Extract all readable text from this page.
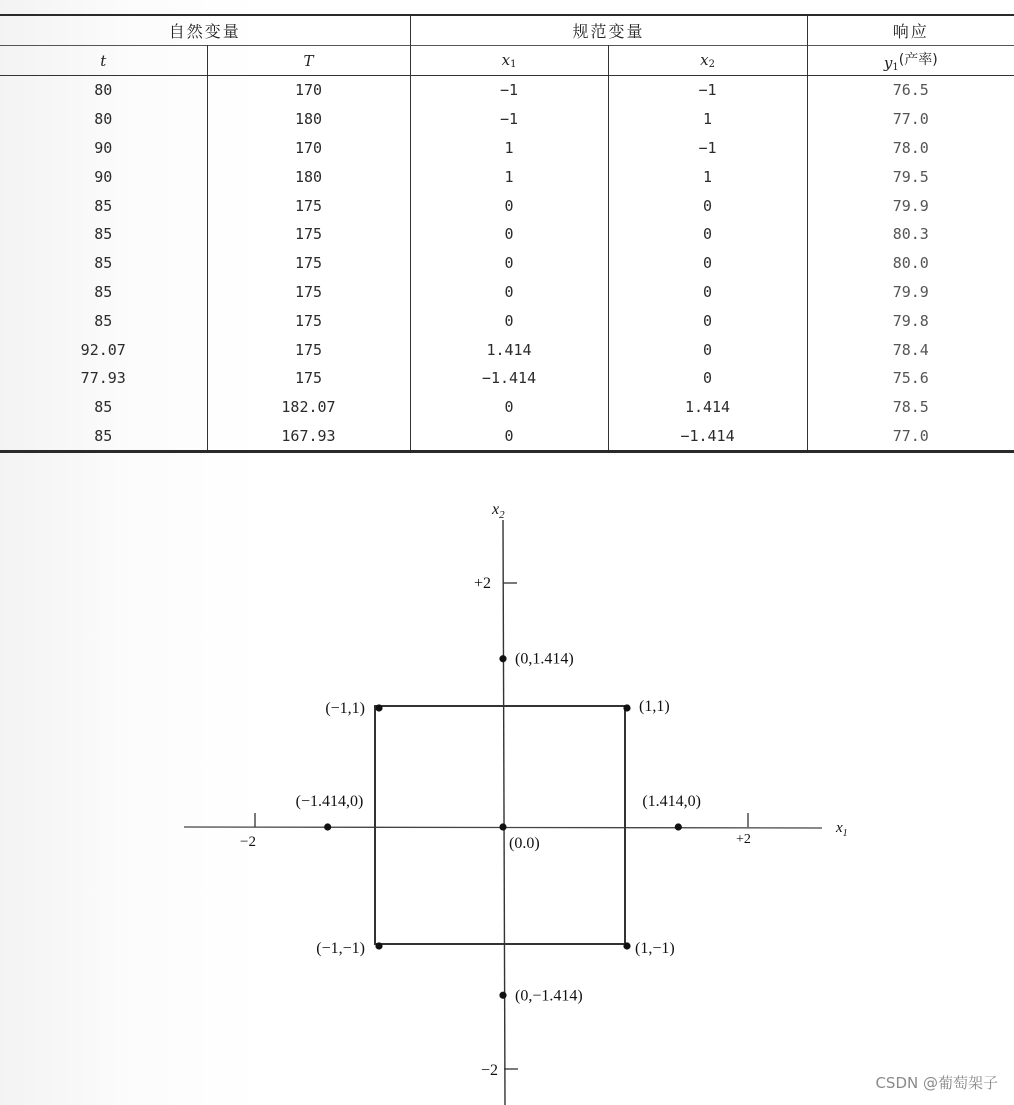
自然变量		规范变量		响应
t	T	x1	x2	y1(产率)
80	170	−1	−1	76.5
80	180	−1	1	77.0
90	170	1	−1	78.0
90	180	1	1	79.5
85	175	0	0	79.9
85	175	0	0	80.3
85	175	0	0	80.0
85	175	0	0	79.9
85	175	0	0	79.8
92.07	175	1.414	0	78.4
77.93	175	−1.414	0	75.6
85	182.07	0	1.414	78.5
85	167.93	0	−1.414	77.0
$x_2$
$x_1$
−2	+2
+2
−2
(0,1.414)
(−1,1)	(1,1)
(−1.414,0)	(1.414,0)
(0.0)
(−1,−1)	(1,−1)
(0,−1.414)
CSDN @葡萄架子
